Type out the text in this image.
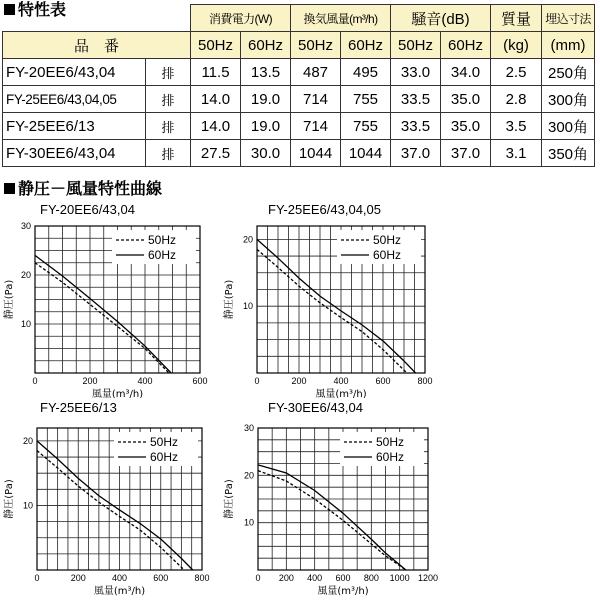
特性表
		消費電力(W)		換気風量(m³/h)		騒音(dB)		質量	埋込寸法
品　番		50Hz	60Hz	50Hz	60Hz	50Hz	60Hz	(kg)	(mm)
FY-20EE6/43,04	排	11.5	13.5	487	495	33.0	34.0	2.5	250角
FY-25EE6/43,04,05	排	14.0	19.0	714	755	33.5	35.0	2.8	300角
FY-25EE6/13	排	14.0	19.0	714	755	33.5	35.0	3.5	300角
FY-30EE6/43,04	排	27.5	30.0	1044	1044	37.0	37.0	3.1	350角
静圧－風量特性曲線
FY-20EE6/43,04
0	200	400	600
10
20
30
風量(m³/h)
静圧(Pa)
50Hz
60Hz
FY-25EE6/43,04,05
0	200	400	600	800
10
20
風量(m³/h)
静圧(Pa)
50Hz
60Hz
FY-25EE6/13
0	200	400	600	800
10
20
風量(m³/h)
静圧(Pa)
50Hz
60Hz
FY-30EE6/43,04
0 200 400 600 800 1000 1200
10
20
30
風量(m³/h)
静圧(Pa)
50Hz
60Hz
